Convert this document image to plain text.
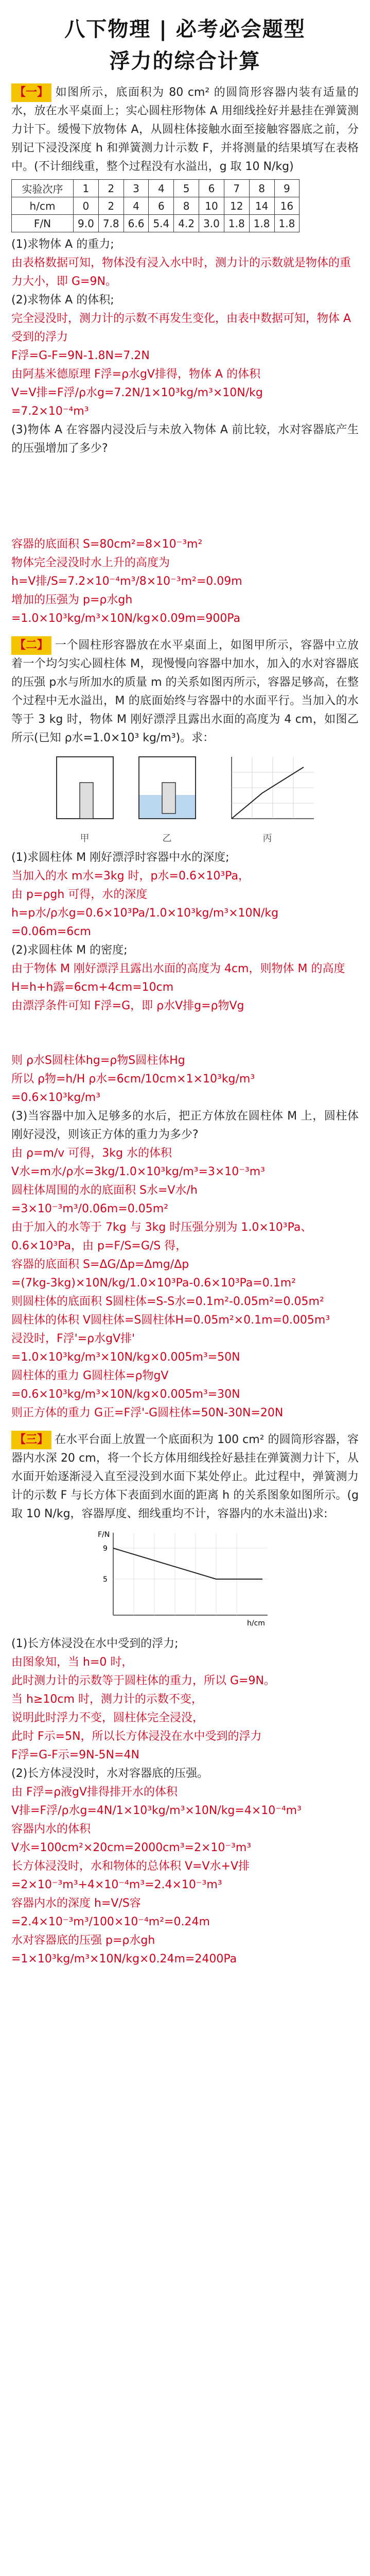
八下物理 | 必考必会题型
浮力的综合计算

【一】 如图所示，底面积为 80 cm² 的圆筒形容器内装有适量的水，放在水平桌面上；实心圆柱形物体 A 用细线拴好并悬挂在弹簧测力计下。缓慢下放物体 A，从圆柱体接触水面至接触容器底之前，分别记下浸没深度 h 和弹簧测力计示数 F，并将测量的结果填写在表格中。(不计细线重，整个过程没有水溢出，g 取 10 N/kg)

实验次序	1	2	3	4	5	6	7	8	9
h/cm	0	2	4	6	8	10	12	14	16
F/N	9.0	7.8	6.6	5.4	4.2	3.0	1.8	1.8	1.8

(1)求物体 A 的重力;

由表格数据可知，物体没有浸入水中时，测力计的示数就是物体的重力大小，即 G=9N。

(2)求物体 A 的体积;

完全浸没时，测力计的示数不再发生变化，由表中数据可知，物体 A 受到的浮力

F浮=G-F=9N-1.8N=7.2N

由阿基米德原理 F浮=ρ水gV排得，物体 A 的体积

V=V排=F浮/ρ水g=7.2N/1×10³kg/m³×10N/kg

=7.2×10⁻⁴m³

(3)物体 A 在容器内浸没后与未放入物体 A 前比较，水对容器底产生的压强增加了多少?

容器的底面积 S=80cm²=8×10⁻³m²

物体完全浸没时水上升的高度为

h=V排/S=7.2×10⁻⁴m³/8×10⁻³m²=0.09m

增加的压强为 p=ρ水gh

=1.0×10³kg/m³×10N/kg×0.09m=900Pa

【二】 一个圆柱形容器放在水平桌面上，如图甲所示，容器中立放着一个均匀实心圆柱体 M，现慢慢向容器中加水，加入的水对容器底的压强 p水与所加水的质量 m 的关系如图丙所示，容器足够高，在整个过程中无水溢出，M 的底面始终与容器中的水面平行。当加入的水等于 3 kg 时，物体 M 刚好漂浮且露出水面的高度为 4 cm，如图乙所示(已知 ρ水=1.0×10³ kg/m³)。求：

甲	乙	丙

(1)求圆柱体 M 刚好漂浮时容器中水的深度;

当加入的水 m水=3kg 时，p水=0.6×10³Pa，

由 p=ρgh 可得，水的深度

h=p水/ρ水g=0.6×10³Pa/1.0×10³kg/m³×10N/kg

=0.06m=6cm

(2)求圆柱体 M 的密度;

由于物体 M 刚好漂浮且露出水面的高度为 4cm，则物体 M 的高度 H=h+h露=6cm+4cm=10cm

由漂浮条件可知 F浮=G，即 ρ水V排g=ρ物Vg

则 ρ水S圆柱体hg=ρ物S圆柱体Hg

所以 ρ物=h/H ρ水=6cm/10cm×1×10³kg/m³

=0.6×10³kg/m³

(3)当容器中加入足够多的水后，把正方体放在圆柱体 M 上，圆柱体刚好浸没，则该正方体的重力为多少?

由 ρ=m/v 可得，3kg 水的体积

V水=m水/ρ水=3kg/1.0×10³kg/m³=3×10⁻³m³

圆柱体周围的水的底面积 S水=V水/h

=3×10⁻³m³/0.06m=0.05m²

由于加入的水等于 7kg 与 3kg 时压强分别为 1.0×10³Pa、0.6×10³Pa，由 p=F/S=G/S 得，

容器的底面积 S=ΔG/Δp=Δmg/Δp

=(7kg-3kg)×10N/kg/1.0×10³Pa-0.6×10³Pa=0.1m²

则圆柱体的底面积 S圆柱体=S-S水=0.1m²-0.05m²=0.05m²

圆柱体的体积 V圆柱体=S圆柱体H=0.05m²×0.1m=0.005m³

浸没时，F浮'=ρ水gV排'

=1.0×10³kg/m³×10N/kg×0.005m³=50N

圆柱体的重力 G圆柱体=ρ物gV

=0.6×10³kg/m³×10N/kg×0.005m³=30N

则正方体的重力 G正=F浮'-G圆柱体=50N-30N=20N

【三】 在水平台面上放置一个底面积为 100 cm² 的圆筒形容器，容器内水深 20 cm，将一个长方体用细线拴好悬挂在弹簧测力计下，从水面开始逐渐浸入直至浸没到水面下某处停止。此过程中，弹簧测力计的示数 F 与长方体下表面到水面的距离 h 的关系图象如图所示。(g 取 10 N/kg，容器厚度、细线重均不计，容器内的水未溢出)求:

9
5
F/N
h/cm

(1)长方体浸没在水中受到的浮力;

由图象知，当 h=0 时，

此时测力计的示数等于圆柱体的重力，所以 G=9N。

当 h≥10cm 时，测力计的示数不变，

说明此时浮力不变，圆柱体完全浸没，

此时 F示=5N，所以长方体浸没在水中受到的浮力

F浮=G-F示=9N-5N=4N

(2)长方体浸没时，水对容器底的压强。

由 F浮=ρ液gV排得排开水的体积

V排=F浮/ρ水g=4N/1×10³kg/m³×10N/kg=4×10⁻⁴m³

容器内水的体积

V水=100cm²×20cm=2000cm³=2×10⁻³m³

长方体浸没时，水和物体的总体积 V=V水+V排

=2×10⁻³m³+4×10⁻⁴m³=2.4×10⁻³m³

容器内水的深度 h=V/S容

=2.4×10⁻³m³/100×10⁻⁴m²=0.24m

水对容器底的压强 p=ρ水gh

=1×10³kg/m³×10N/kg×0.24m=2400Pa
